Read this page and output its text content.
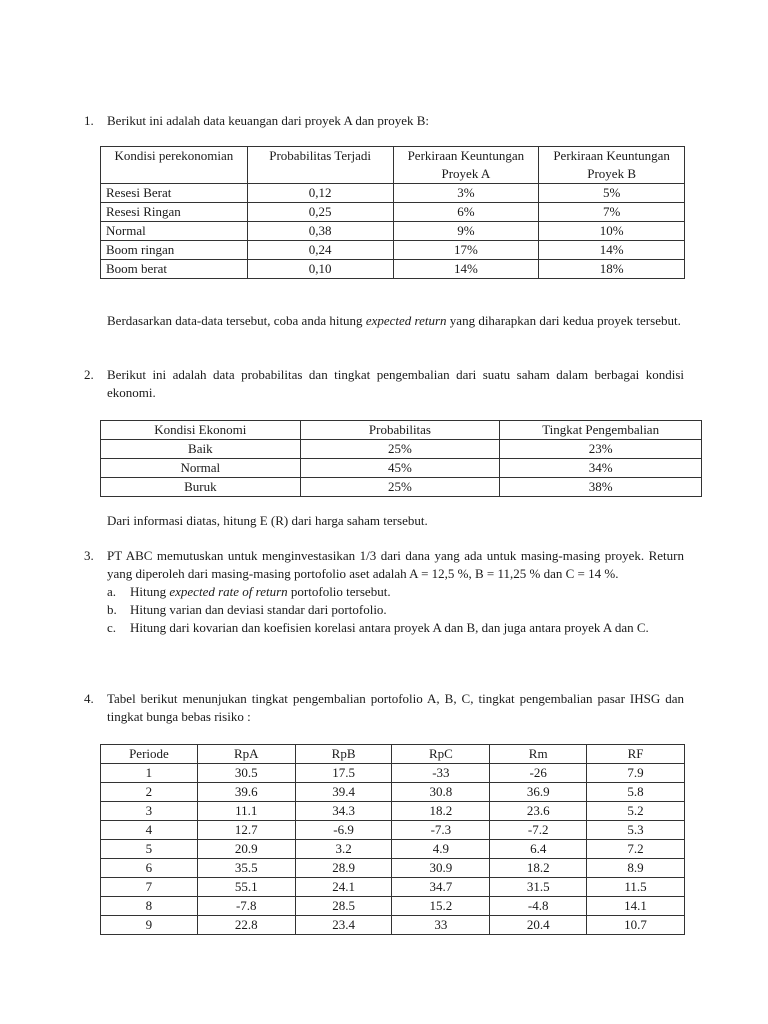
1.	Berikut ini adalah data keuangan dari proyek A dan proyek B:
Kondisi perekonomian	Probabilitas Terjadi	Perkiraan Keuntungan Proyek A	Perkiraan Keuntungan Proyek B
Resesi Berat	0,12	3%	5%
Resesi Ringan	0,25	6%	7%
Normal	0,38	9%	10%
Boom ringan	0,24	17%	14%
Boom berat	0,10	14%	18%
Berdasarkan data-data tersebut, coba anda hitung expected return yang diharapkan dari kedua proyek tersebut.
2.	Berikut ini adalah data probabilitas dan tingkat pengembalian dari suatu saham dalam berbagai kondisi ekonomi.
Kondisi Ekonomi	Probabilitas	Tingkat Pengembalian
Baik	25%	23%
Normal	45%	34%
Buruk	25%	38%
Dari informasi diatas, hitung E (R) dari harga saham tersebut.
3.	PT ABC memutuskan untuk menginvestasikan 1/3 dari dana yang ada untuk masing-masing proyek. Return yang diperoleh dari masing-masing portofolio aset adalah A = 12,5 %, B = 11,25 % dan C = 14 %.
a. Hitung expected rate of return portofolio tersebut.
b. Hitung varian dan deviasi standar dari portofolio.
c. Hitung dari kovarian dan koefisien korelasi antara proyek A dan B, dan juga antara proyek A dan C.
4.	Tabel berikut menunjukan tingkat pengembalian portofolio A, B, C, tingkat pengembalian pasar IHSG dan tingkat bunga bebas risiko :
Periode	RpA	RpB	RpC	Rm	RF
1	30.5	17.5	-33	-26	7.9
2	39.6	39.4	30.8	36.9	5.8
3	11.1	34.3	18.2	23.6	5.2
4	12.7	-6.9	-7.3	-7.2	5.3
5	20.9	3.2	4.9	6.4	7.2
6	35.5	28.9	30.9	18.2	8.9
7	55.1	24.1	34.7	31.5	11.5
8	-7.8	28.5	15.2	-4.8	14.1
9	22.8	23.4	33	20.4	10.7
